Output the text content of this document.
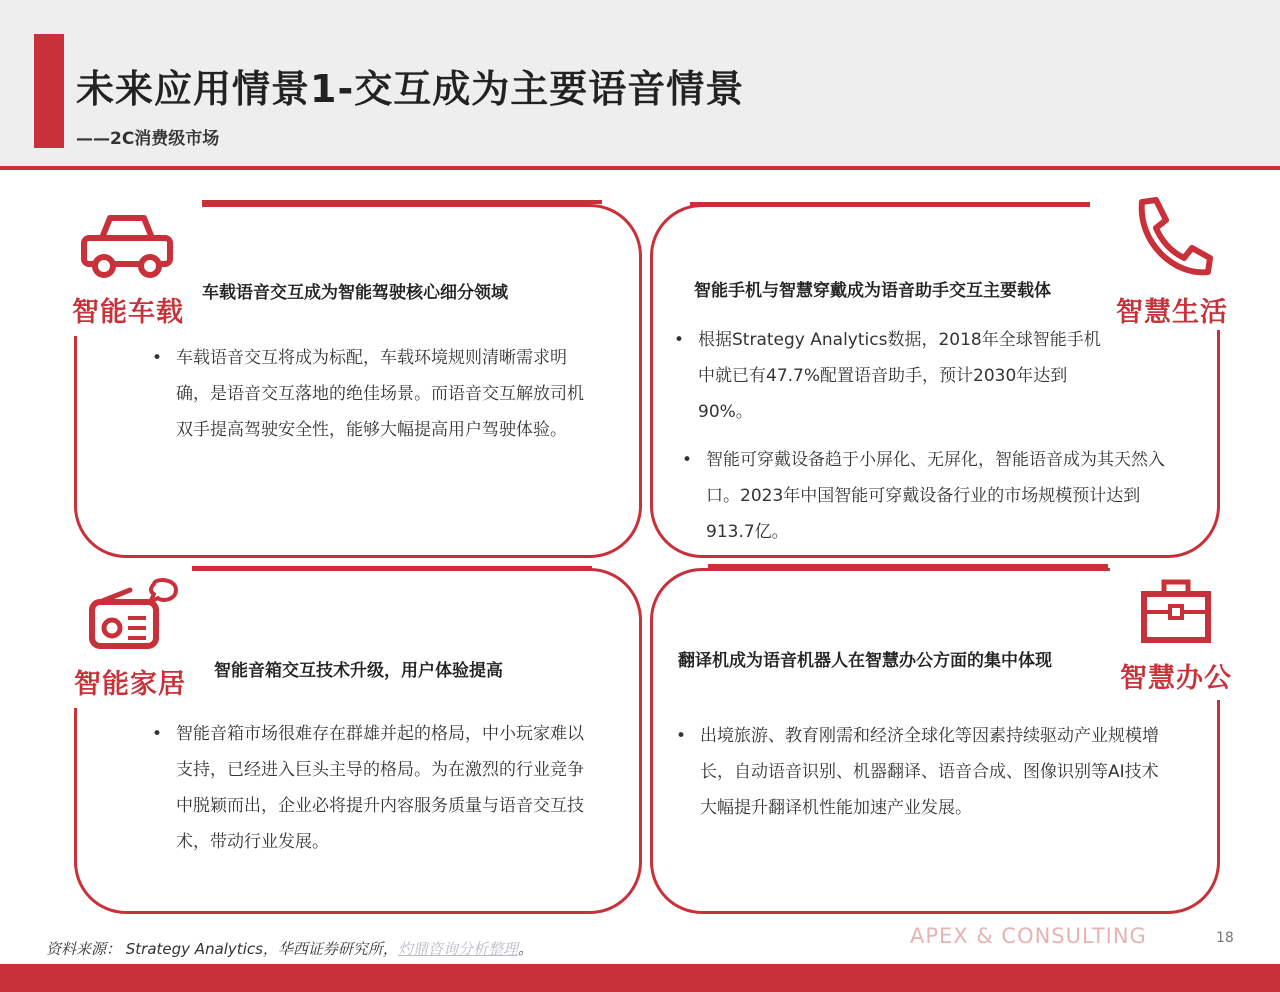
未来应用情景1-交互成为主要语音情景
——2C消费级市场
智能车载
车载语音交互成为智能驾驶核心细分领域
• 车载语音交互将成为标配，车载环境规则清晰需求明确，是语音交互落地的绝佳场景。而语音交互解放司机双手提高驾驶安全性，能够大幅提高用户驾驶体验。
智慧生活
智能手机与智慧穿戴成为语音助手交互主要载体
• 根据Strategy Analytics数据，2018年全球智能手机中就已有47.7%配置语音助手，预计2030年达到90%。
• 智能可穿戴设备趋于小屏化、无屏化，智能语音成为其天然入口。2023年中国智能可穿戴设备行业的市场规模预计达到913.7亿。
智能家居 智能音箱交互技术升级，用户体验提高
• 智能音箱市场很难存在群雄并起的格局，中小玩家难以支持，已经进入巨头主导的格局。为在激烈的行业竞争中脱颖而出，企业必将提升内容服务质量与语音交互技术，带动行业发展。
智慧办公
翻译机成为语音机器人在智慧办公方面的集中体现
• 出境旅游、教育刚需和经济全球化等因素持续驱动产业规模增长，自动语音识别、机器翻译、语音合成、图像识别等AI技术大幅提升翻译机性能加速产业发展。
资料来源： Strategy Analytics，华西证券研究所，灼鼎咨询分析整理。
APEX & CONSULTING	18
